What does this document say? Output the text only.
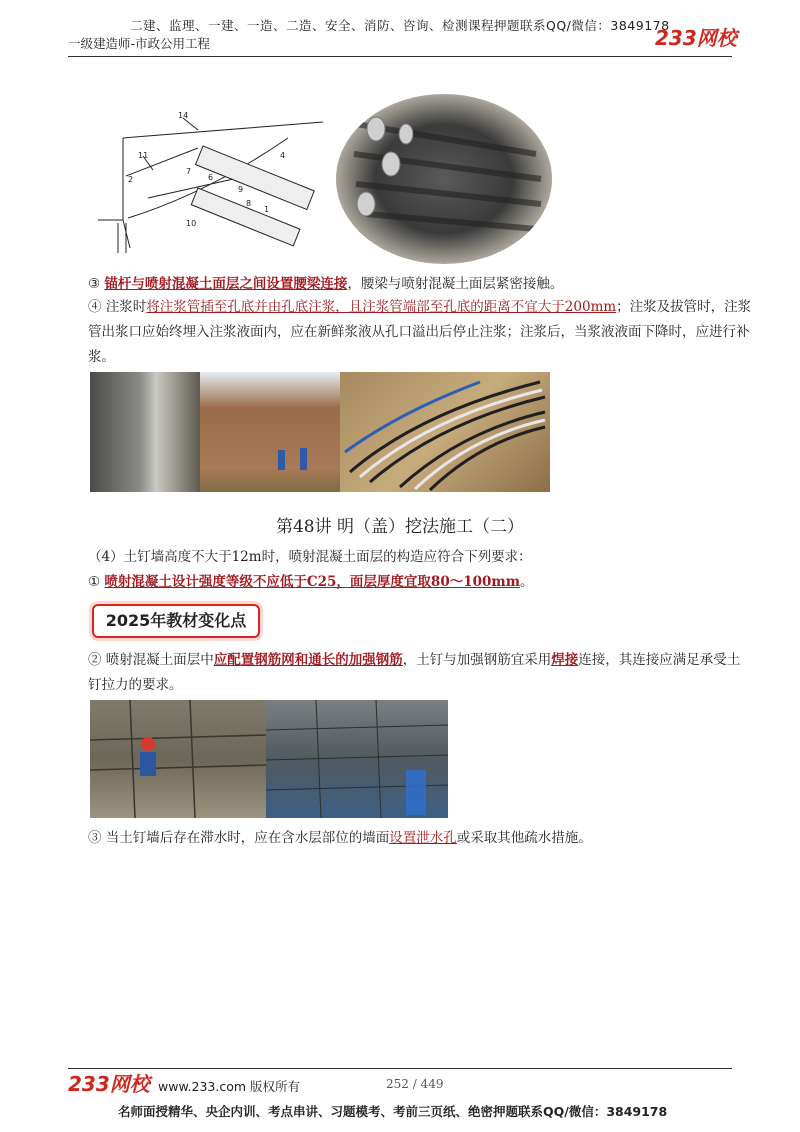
二建、监理、一建、一造、二造、安全、消防、咨询、检测课程押题联系QQ/微信：3849178
一级建造师-市政公用工程	233网校
14
11
2
7
6
4
9
8
1
10
③ 锚杆与喷射混凝土面层之间设置腰梁连接，腰梁与喷射混凝土面层紧密接触。
④ 注浆时将注浆管插至孔底并由孔底注浆，且注浆管端部至孔底的距离不宜大于200mm；注浆及拔管时，注浆管出浆口应始终埋入注浆液面内，应在新鲜浆液从孔口溢出后停止注浆；注浆后，当浆液液面下降时，应进行补浆。
第48讲 明（盖）挖法施工（二）
（4）土钉墙高度不大于12m时，喷射混凝土面层的构造应符合下列要求：
① 喷射混凝土设计强度等级不应低于C25，面层厚度宜取80～100mm。
2025年教材变化点
② 喷射混凝土面层中应配置钢筋网和通长的加强钢筋，土钉与加强钢筋宜采用焊接连接，其连接应满足承受土钉拉力的要求。
③ 当土钉墙后存在滞水时，应在含水层部位的墙面设置泄水孔或采取其他疏水措施。
233网校 www.233.com 版权所有	252 / 449
名师面授精华、央企内训、考点串讲、习题模考、考前三页纸、绝密押题联系QQ/微信：3849178
